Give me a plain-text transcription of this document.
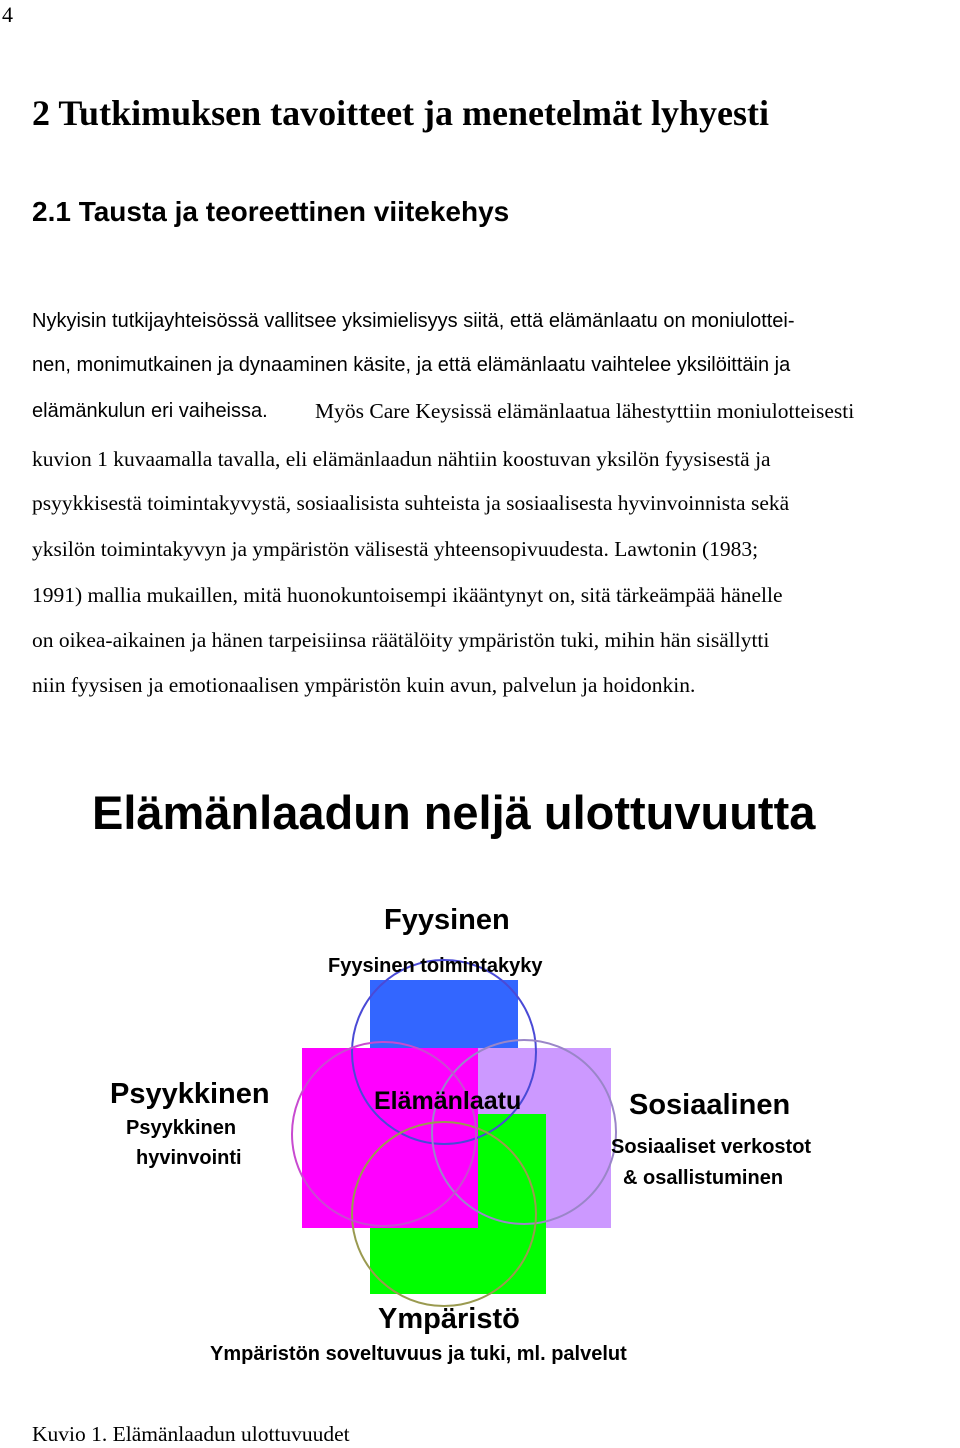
4
2 Tutkimuksen tavoitteet ja menetelmät lyhyesti
2.1 Tausta ja teoreettinen viitekehys
Nykyisin tutkijayhteisössä vallitsee yksimielisyys siitä, että elämänlaatu on moniulottei-
nen, monimutkainen ja dynaaminen käsite, ja että elämänlaatu vaihtelee yksilöittäin ja
elämänkulun eri vaiheissa. Myös Care Keysissä elämänlaatua lähestyttiin moniulotteisesti
kuvion 1 kuvaamalla tavalla, eli elämänlaadun nähtiin koostuvan yksilön fyysisestä ja
psyykkisestä toimintakyvystä, sosiaalisista suhteista ja sosiaalisesta hyvinvoinnista sekä
yksilön toimintakyvyn ja ympäristön välisestä yhteensopivuudesta. Lawtonin (1983;
1991) mallia mukaillen, mitä huonokuntoisempi ikääntynyt on, sitä tärkeämpää hänelle
on oikea-aikainen ja hänen tarpeisiinsa räätälöity ympäristön tuki, mihin hän sisällytti
niin fyysisen ja emotionaalisen ympäristön kuin avun, palvelun ja hoidonkin.
Elämänlaadun neljä ulottuvuutta
Fyysinen
Fyysinen toimintakyky
Psyykkinen
Psyykkinen
hyvinvointi
Elämänlaatu	Sosiaalinen
Sosiaaliset verkostot
& osallistuminen
Ympäristö
Ympäristön soveltuvuus ja tuki, ml. palvelut
Kuvio 1. Elämänlaadun ulottuvuudet
